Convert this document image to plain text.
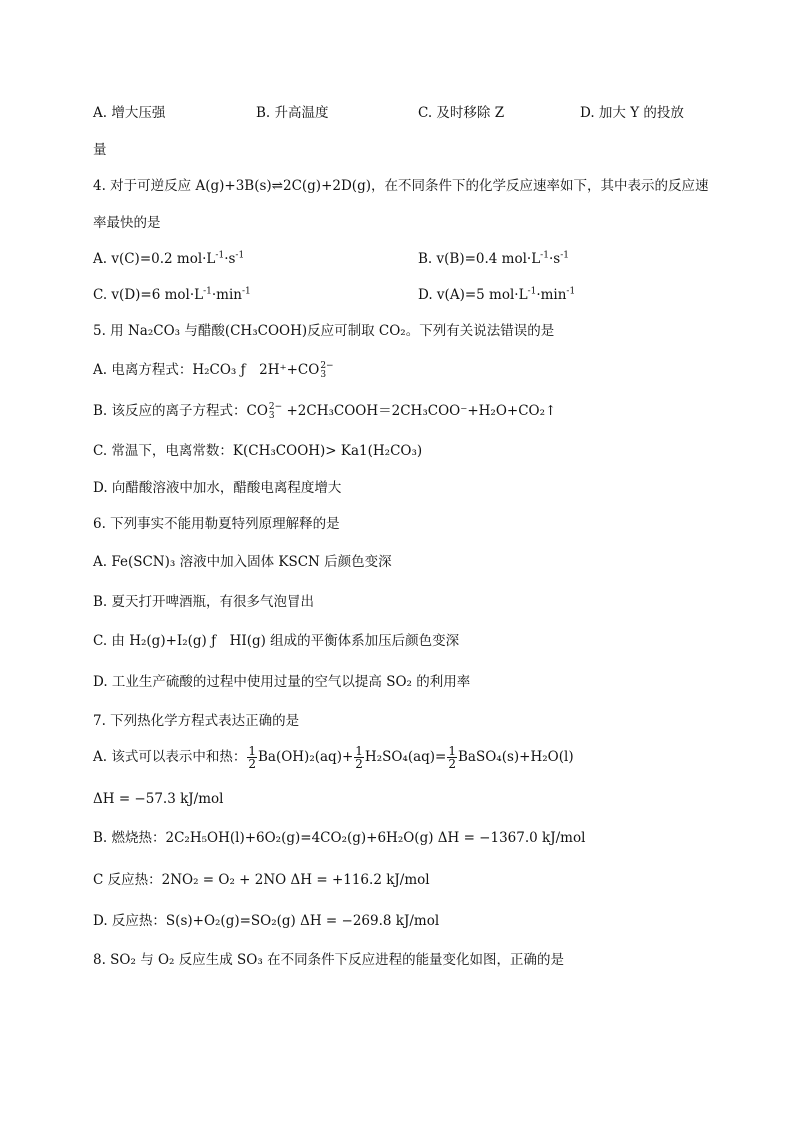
A. 增大压强	B. 升高温度	C. 及时移除 Z	D. 加大 Y 的投放
量
4. 对于可逆反应 A(g)+3B(s)⇌2C(g)+2D(g)，在不同条件下的化学反应速率如下，其中表示的反应速
率最快的是
A. v(C)=0.2 $mol\cdot L^{-1}\cdot s^{-1}$	B. v(B)=0.4 $mol\cdot L^{-1}\cdot s^{-1}$
C. v(D)=6 $mol\cdot L^{-1}\cdot\min^{-1}$	D. v(A)=5 $mol\cdot L^{-1}\cdot\min^{-1}$
5. 用 Na₂CO₃ 与醋酸(CH₃COOH)反应可制取 CO₂。下列有关说法错误的是
A. 电离方程式：H₂CO₃ ƒ　2H⁺+CO 2−
3
B. 该反应的离子方程式：CO 2−
3 +2CH₃COOH＝2CH₃COO⁻+H₂O+CO₂↑
C. 常温下，电离常数：K(CH₃COOH)> Ka1(H₂CO₃)
D. 向醋酸溶液中加水，醋酸电离程度增大
6. 下列事实不能用勒夏特列原理解释的是
A. Fe(SCN)₃ 溶液中加入固体 KSCN 后颜色变深
B. 夏天打开啤酒瓶，有很多气泡冒出
C. 由 H₂(g)+I₂(g) ƒ　HI(g) 组成的平衡体系加压后颜色变深
D. 工业生产硫酸的过程中使用过量的空气以提高 SO₂ 的利用率
7. 下列热化学方程式表达正确的是
A. 该式可以表示中和热： $\frac{1}{2} Ba(OH)_2(aq)+ \frac{1}{2} H_2SO_4(aq)= \frac{1}{2}$ BaSO₄(s)+H₂O(l)
ΔH = −57.3 kJ/mol
B. 燃烧热：2C₂H₅OH(l)+6O₂(g)=4CO₂(g)+6H₂O(g) ΔH = −1367.0 kJ/mol
C 反应热：2NO₂ = O₂ + 2NO ΔH = +116.2 kJ/mol
D. 反应热：S(s)+O₂(g)=SO₂(g) ΔH = −269.8 kJ/mol
8. SO₂ 与 O₂ 反应生成 SO₃ 在不同条件下反应进程的能量变化如图，正确的是
